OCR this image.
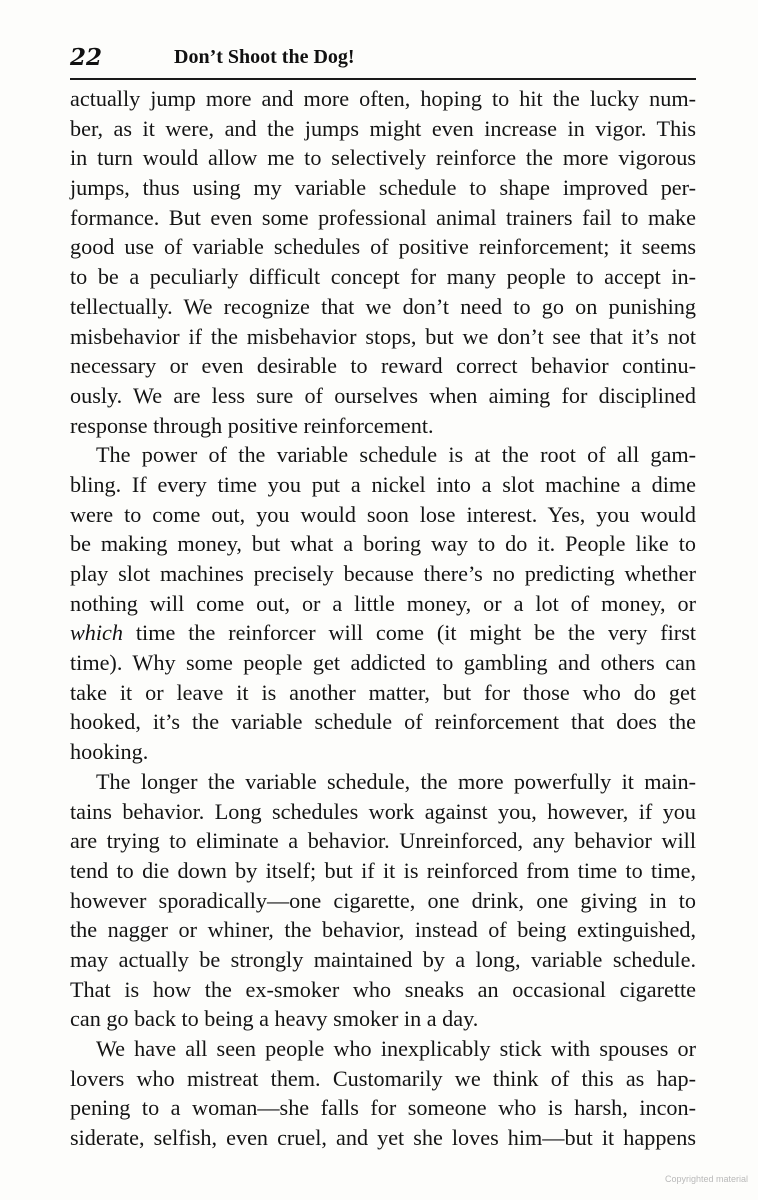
22	Don’t Shoot the Dog!
actually jump more and more often, hoping to hit the lucky num-
ber, as it were, and the jumps might even increase in vigor. This
in turn would allow me to selectively reinforce the more vigorous
jumps, thus using my variable schedule to shape improved per-
formance. But even some professional animal trainers fail to make
good use of variable schedules of positive reinforcement; it seems
to be a peculiarly difficult concept for many people to accept in-
tellectually. We recognize that we don’t need to go on punishing
misbehavior if the misbehavior stops, but we don’t see that it’s not
necessary or even desirable to reward correct behavior continu-
ously. We are less sure of ourselves when aiming for disciplined
response through positive reinforcement.
The power of the variable schedule is at the root of all gam-
bling. If every time you put a nickel into a slot machine a dime
were to come out, you would soon lose interest. Yes, you would
be making money, but what a boring way to do it. People like to
play slot machines precisely because there’s no predicting whether
nothing will come out, or a little money, or a lot of money, or
which time the reinforcer will come (it might be the very first
time). Why some people get addicted to gambling and others can
take it or leave it is another matter, but for those who do get
hooked, it’s the variable schedule of reinforcement that does the
hooking.
The longer the variable schedule, the more powerfully it main-
tains behavior. Long schedules work against you, however, if you
are trying to eliminate a behavior. Unreinforced, any behavior will
tend to die down by itself; but if it is reinforced from time to time,
however sporadically—one cigarette, one drink, one giving in to
the nagger or whiner, the behavior, instead of being extinguished,
may actually be strongly maintained by a long, variable schedule.
That is how the ex-smoker who sneaks an occasional cigarette
can go back to being a heavy smoker in a day.
We have all seen people who inexplicably stick with spouses or
lovers who mistreat them. Customarily we think of this as hap-
pening to a woman—she falls for someone who is harsh, incon-
siderate, selfish, even cruel, and yet she loves him—but it happens
Copyrighted material
